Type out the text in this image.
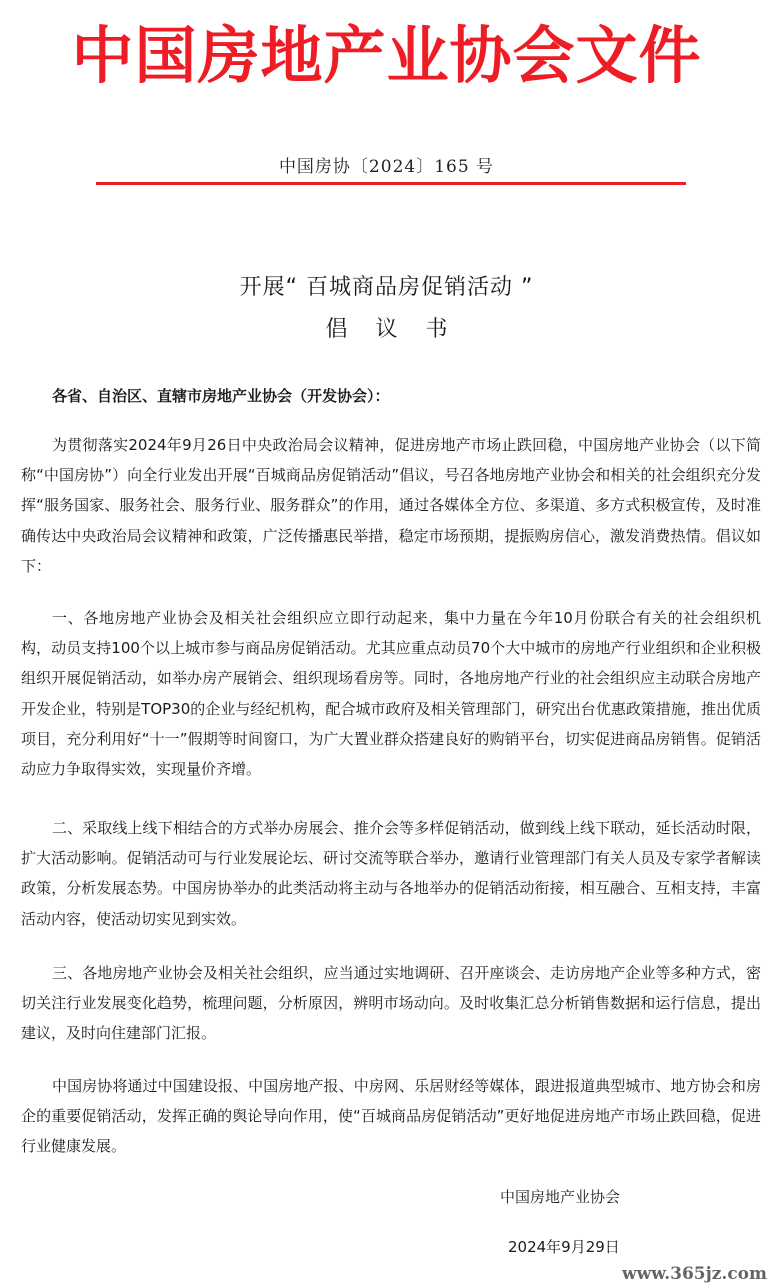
中国房地产业协会文件
中国房协〔2024〕165 号
开展“ 百城商品房促销活动 ”
倡议书
各省、自治区、直辖市房地产业协会（开发协会）：

为贯彻落实2024年9月26日中央政治局会议精神，促进房地产市场止跌回稳，中国房地产业协会（以下简称“中国房协”）向全行业发出开展“百城商品房促销活动”倡议，号召各地房地产业协会和相关的社会组织充分发挥“服务国家、服务社会、服务行业、服务群众”的作用，通过各媒体全方位、多渠道、多方式积极宣传，及时准确传达中央政治局会议精神和政策，广泛传播惠民举措，稳定市场预期，提振购房信心，激发消费热情。倡议如下：

一、各地房地产业协会及相关社会组织应立即行动起来，集中力量在今年10月份联合有关的社会组织机构，动员支持100个以上城市参与商品房促销活动。尤其应重点动员70个大中城市的房地产行业组织和企业积极组织开展促销活动，如举办房产展销会、组织现场看房等。同时，各地房地产行业的社会组织应主动联合房地产开发企业，特别是TOP30的企业与经纪机构，配合城市政府及相关管理部门，研究出台优惠政策措施，推出优质项目，充分利用好“十一”假期等时间窗口，为广大置业群众搭建良好的购销平台，切实促进商品房销售。促销活动应力争取得实效，实现量价齐增。

二、采取线上线下相结合的方式举办房展会、推介会等多样促销活动，做到线上线下联动，延长活动时限，扩大活动影响。促销活动可与行业发展论坛、研讨交流等联合举办，邀请行业管理部门有关人员及专家学者解读政策，分析发展态势。中国房协举办的此类活动将主动与各地举办的促销活动衔接，相互融合、互相支持，丰富活动内容，使活动切实见到实效。

三、各地房地产业协会及相关社会组织，应当通过实地调研、召开座谈会、走访房地产企业等多种方式，密切关注行业发展变化趋势，梳理问题，分析原因，辨明市场动向。及时收集汇总分析销售数据和运行信息，提出建议，及时向住建部门汇报。

中国房协将通过中国建设报、中国房地产报、中房网、乐居财经等媒体，跟进报道典型城市、地方协会和房企的重要促销活动，发挥正确的舆论导向作用，使“百城商品房促销活动”更好地促进房地产市场止跌回稳，促进行业健康发展。

中国房地产业协会
2024年9月29日
www.365jz.com
